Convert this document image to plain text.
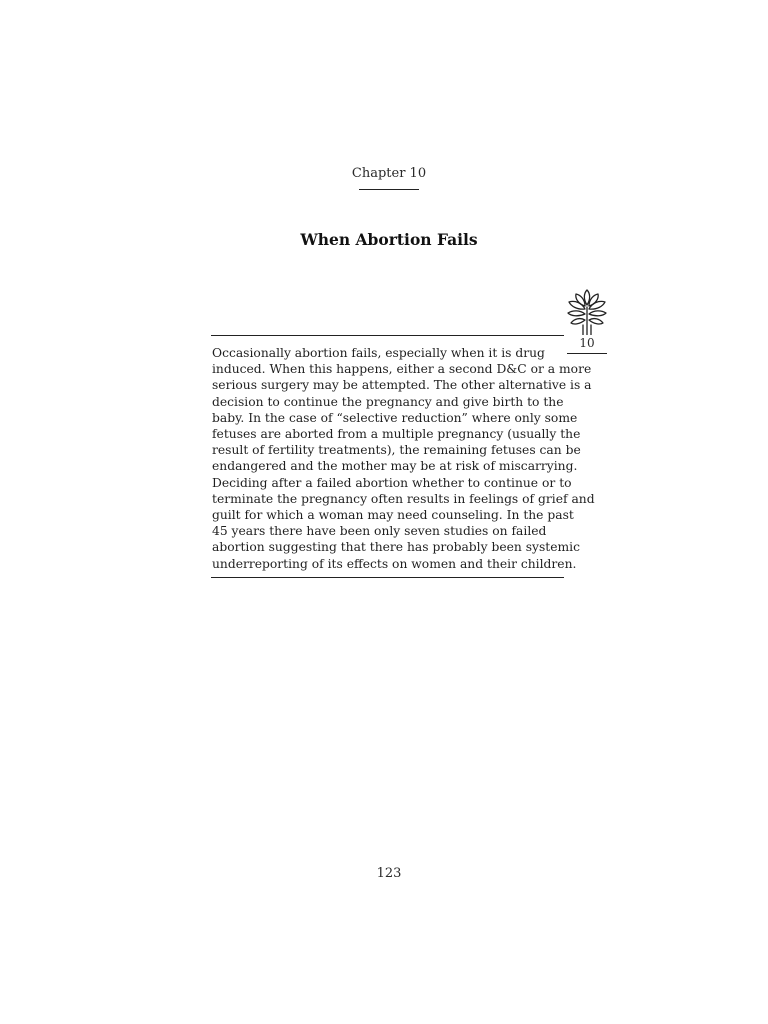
Chapter 10
When Abortion Fails
10

Occasionally abortion fails, especially when it is drug
induced. When this happens, either a second D&C or a more
serious surgery may be attempted. The other alternative is a
decision to continue the pregnancy and give birth to the
baby. In the case of “selective reduction” where only some
fetuses are aborted from a multiple pregnancy (usually the
result of fertility treatments), the remaining fetuses can be
endangered and the mother may be at risk of miscarrying.
Deciding after a failed abortion whether to continue or to
terminate the pregnancy often results in feelings of grief and
guilt for which a woman may need counseling. In the past
45 years there have been only seven studies on failed
abortion suggesting that there has probably been systemic
underreporting of its effects on women and their children.

123
